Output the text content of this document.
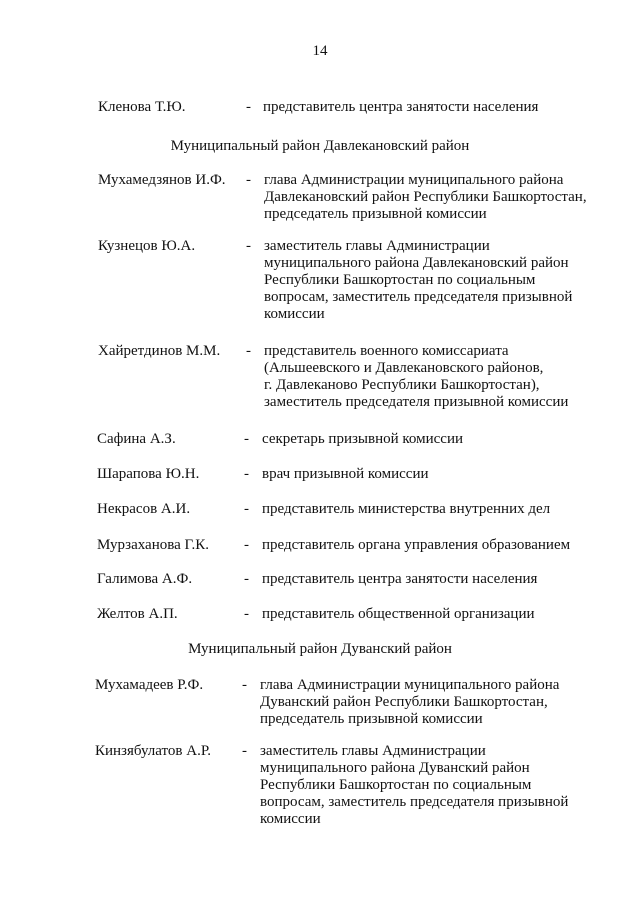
14
Кленова Т.Ю.	- представитель центра занятости населения
Муниципальный район Давлекановский район
Мухамедзянов И.Ф. - глава Администрации муниципального района
Давлекановский район Республики Башкортостан,
председатель призывной комиссии
Кузнецов Ю.А.	- заместитель главы Администрации
муниципального района Давлекановский район
Республики Башкортостан по социальным
вопросам, заместитель председателя призывной
комиссии
Хайретдинов М.М. - представитель военного комиссариата
(Альшеевского и Давлекановского районов,
г. Давлеканово Республики Башкортостан),
заместитель председателя призывной комиссии
Сафина А.З.	- секретарь призывной комиссии
Шарапова Ю.Н.	- врач призывной комиссии
Некрасов А.И.	- представитель министерства внутренних дел
Мурзаханова Г.К. - представитель органа управления образованием
Галимова А.Ф.	- представитель центра занятости населения
Желтов А.П.	- представитель общественной организации
Муниципальный район Дуванский район
Мухамадеев Р.Ф.	- глава Администрации муниципального района
Дуванский район Республики Башкортостан,
председатель призывной комиссии
Кинзябулатов А.Р. - заместитель главы Администрации
муниципального района Дуванский район
Республики Башкортостан по социальным
вопросам, заместитель председателя призывной
комиссии
